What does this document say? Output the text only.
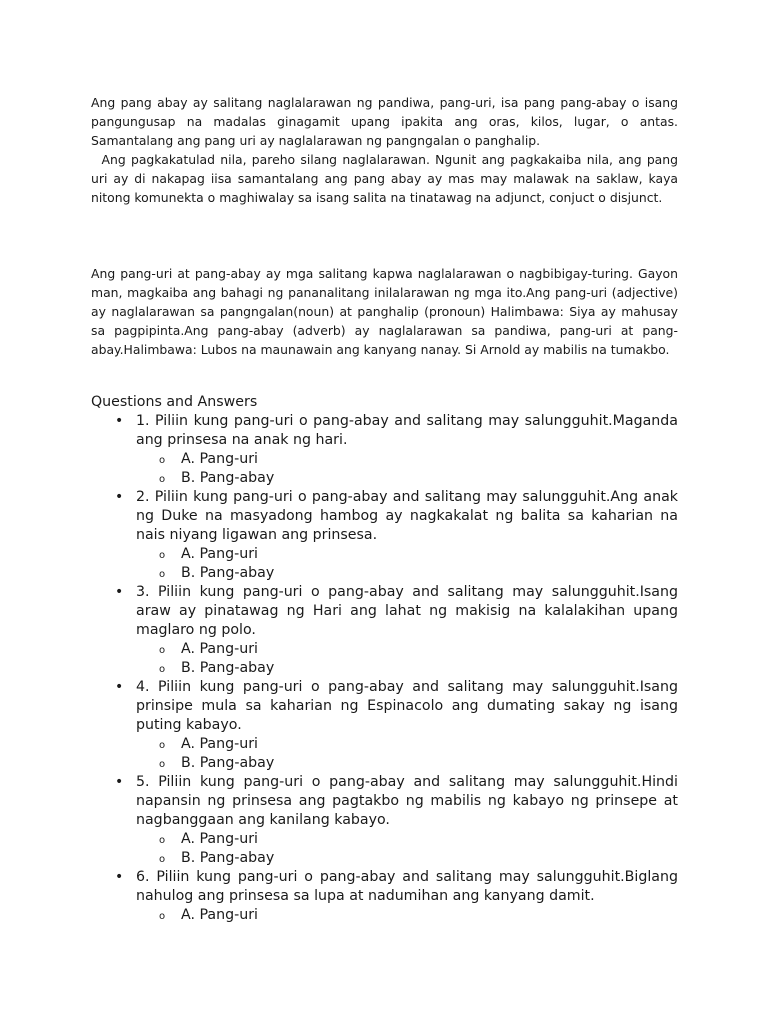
Ang pang abay ay salitang naglalarawan ng pandiwa, pang-uri, isa pang pang-abay o isang pangungusap na madalas ginagamit upang ipakita ang oras, kilos, lugar, o antas. Samantalang ang pang uri ay naglalarawan ng pangngalan o panghalip.

Ang pagkakatulad nila, pareho silang naglalarawan. Ngunit ang pagkakaiba nila, ang pang uri ay di nakapag iisa samantalang ang pang abay ay mas may malawak na saklaw, kaya nitong komunekta o maghiwalay sa isang salita na tinatawag na adjunct, conjuct o disjunct.

Ang pang-uri at pang-abay ay mga salitang kapwa naglalarawan o nagbibigay-turing. Gayon man, magkaiba ang bahagi ng pananalitang inilalarawan ng mga ito.Ang pang-uri (adjective) ay naglalarawan sa pangngalan(noun) at panghalip (pronoun) Halimbawa: Siya ay mahusay sa pagpipinta.Ang pang-abay (adverb) ay naglalarawan sa pandiwa, pang-uri at pang-abay.Halimbawa: Lubos na maunawain ang kanyang nanay. Si Arnold ay mabilis na tumakbo.

Questions and Answers
• 1. Piliin kung pang-uri o pang-abay and salitang may salungguhit.Maganda ang prinsesa na anak ng hari.
o A. Pang-uri
o B. Pang-abay
• 2. Piliin kung pang-uri o pang-abay and salitang may salungguhit.Ang anak ng Duke na masyadong hambog ay nagkakalat ng balita sa kaharian na nais niyang ligawan ang prinsesa.
o A. Pang-uri
o B. Pang-abay
• 3. Piliin kung pang-uri o pang-abay and salitang may salungguhit.Isang araw ay pinatawag ng Hari ang lahat ng makisig na kalalakihan upang maglaro ng polo.
o A. Pang-uri
o B. Pang-abay
• 4. Piliin kung pang-uri o pang-abay and salitang may salungguhit.Isang prinsipe mula sa kaharian ng Espinacolo ang dumating sakay ng isang puting kabayo.
o A. Pang-uri
o B. Pang-abay
• 5. Piliin kung pang-uri o pang-abay and salitang may salungguhit.Hindi napansin ng prinsesa ang pagtakbo ng mabilis ng kabayo ng prinsepe at nagbanggaan ang kanilang kabayo.
o A. Pang-uri
o B. Pang-abay
• 6. Piliin kung pang-uri o pang-abay and salitang may salungguhit.Biglang nahulog ang prinsesa sa lupa at nadumihan ang kanyang damit.
o A. Pang-uri
